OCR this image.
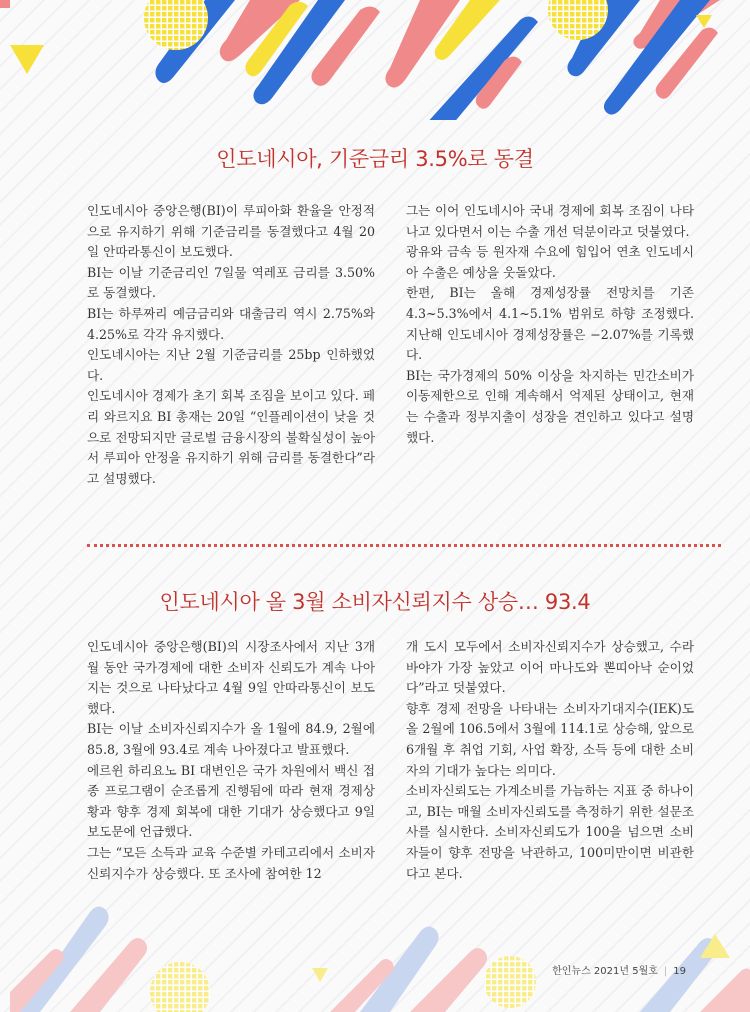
인도네시아, 기준금리 3.5%로 동결

인도네시아 중앙은행(BI)이 루피아화 환율을 안정적으로 유지하기 위해 기준금리를 동결했다고 4월 20일 안따라통신이 보도했다.

BI는 이날 기준금리인 7일물 역레포 금리를 3.50%로 동결했다.

BI는 하루짜리 예금금리와 대출금리 역시 2.75%와 4.25%로 각각 유지했다.

인도네시아는 지난 2월 기준금리를 25bp 인하했었다.

인도네시아 경제가 초기 회복 조짐을 보이고 있다. 페리 와르지요 BI 총재는 20일 “인플레이션이 낮을 것으로 전망되지만 글로벌 금융시장의 불확실성이 높아서 루피아 안정을 유지하기 위해 금리를 동결한다”라고 설명했다.

그는 이어 인도네시아 국내 경제에 회복 조짐이 나타나고 있다면서 이는 수출 개선 덕분이라고 덧붙였다.

광유와 금속 등 원자재 수요에 힘입어 연초 인도네시아 수출은 예상을 웃돌았다.

한편, BI는 올해 경제성장률 전망치를 기존 4.3~5.3%에서 4.1~5.1% 범위로 하향 조정했다. 지난해 인도네시아 경제성장률은 −2.07%를 기록했다.

BI는 국가경제의 50% 이상을 차지하는 민간소비가 이동제한으로 인해 계속해서 억제된 상태이고, 현재는 수출과 정부지출이 성장을 견인하고 있다고 설명했다.

인도네시아 올 3월 소비자신뢰지수 상승… 93.4

인도네시아 중앙은행(BI)의 시장조사에서 지난 3개월 동안 국가경제에 대한 소비자 신뢰도가 계속 나아지는 것으로 나타났다고 4월 9일 안따라통신이 보도했다.

BI는 이날 소비자신뢰지수가 올 1월에 84.9, 2월에 85.8, 3월에 93.4로 계속 나아졌다고 발표했다.

에르윈 하리요노 BI 대변인은 국가 차원에서 백신 접종 프로그램이 순조롭게 진행됨에 따라 현재 경제상황과 향후 경제 회복에 대한 기대가 상승했다고 9일 보도문에 언급했다.

그는 “모든 소득과 교육 수준별 카테고리에서 소비자신뢰지수가 상승했다. 또 조사에 참여한 12

개 도시 모두에서 소비자신뢰지수가 상승했고, 수라바야가 가장 높았고 이어 마나도와 뽄띠아낙 순이었다”라고 덧붙였다.

향후 경제 전망을 나타내는 소비자기대지수(IEK)도 올 2월에 106.5에서 3월에 114.1로 상승해, 앞으로 6개월 후 취업 기회, 사업 확장, 소득 등에 대한 소비자의 기대가 높다는 의미다.

소비자신뢰도는 가계소비를 가늠하는 지표 중 하나이고, BI는 매월 소비자신뢰도를 측정하기 위한 설문조사를 실시한다. 소비자신뢰도가 100을 넘으면 소비자들이 향후 전망을 낙관하고, 100미만이면 비관한다고 본다.

한인뉴스 2021년 5월호 | 19
